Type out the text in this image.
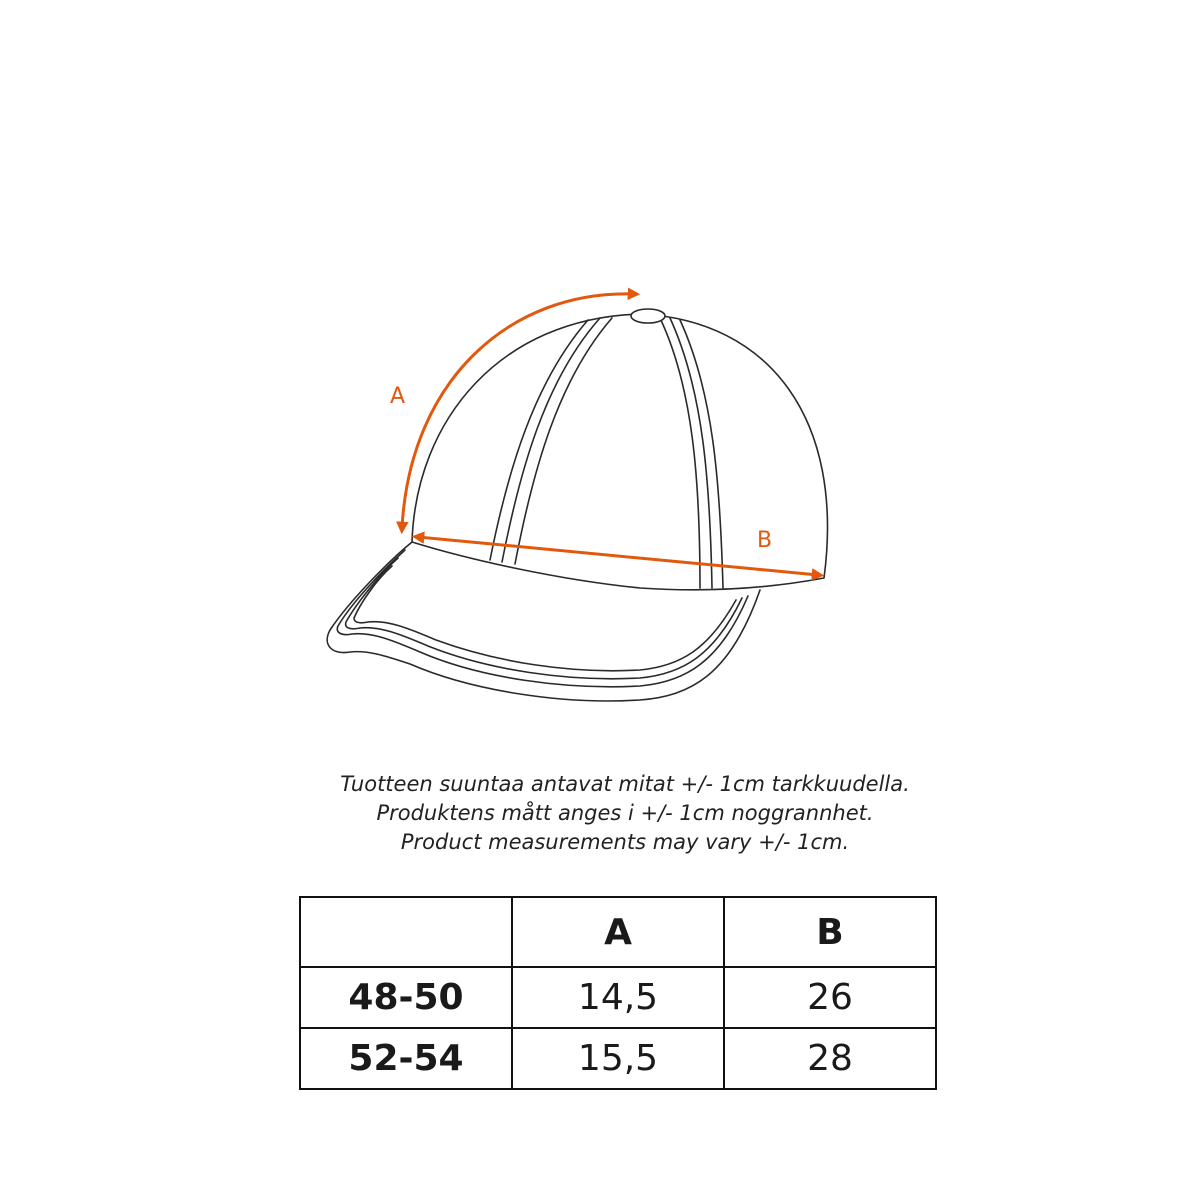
A
B
Tuotteen suuntaa antavat mitat +/- 1cm tarkkuudella.
Produktens mått anges i +/- 1cm noggrannhet.
Product measurements may vary +/- 1cm.
	A	B
48-50	14,5	26
52-54	15,5	28
